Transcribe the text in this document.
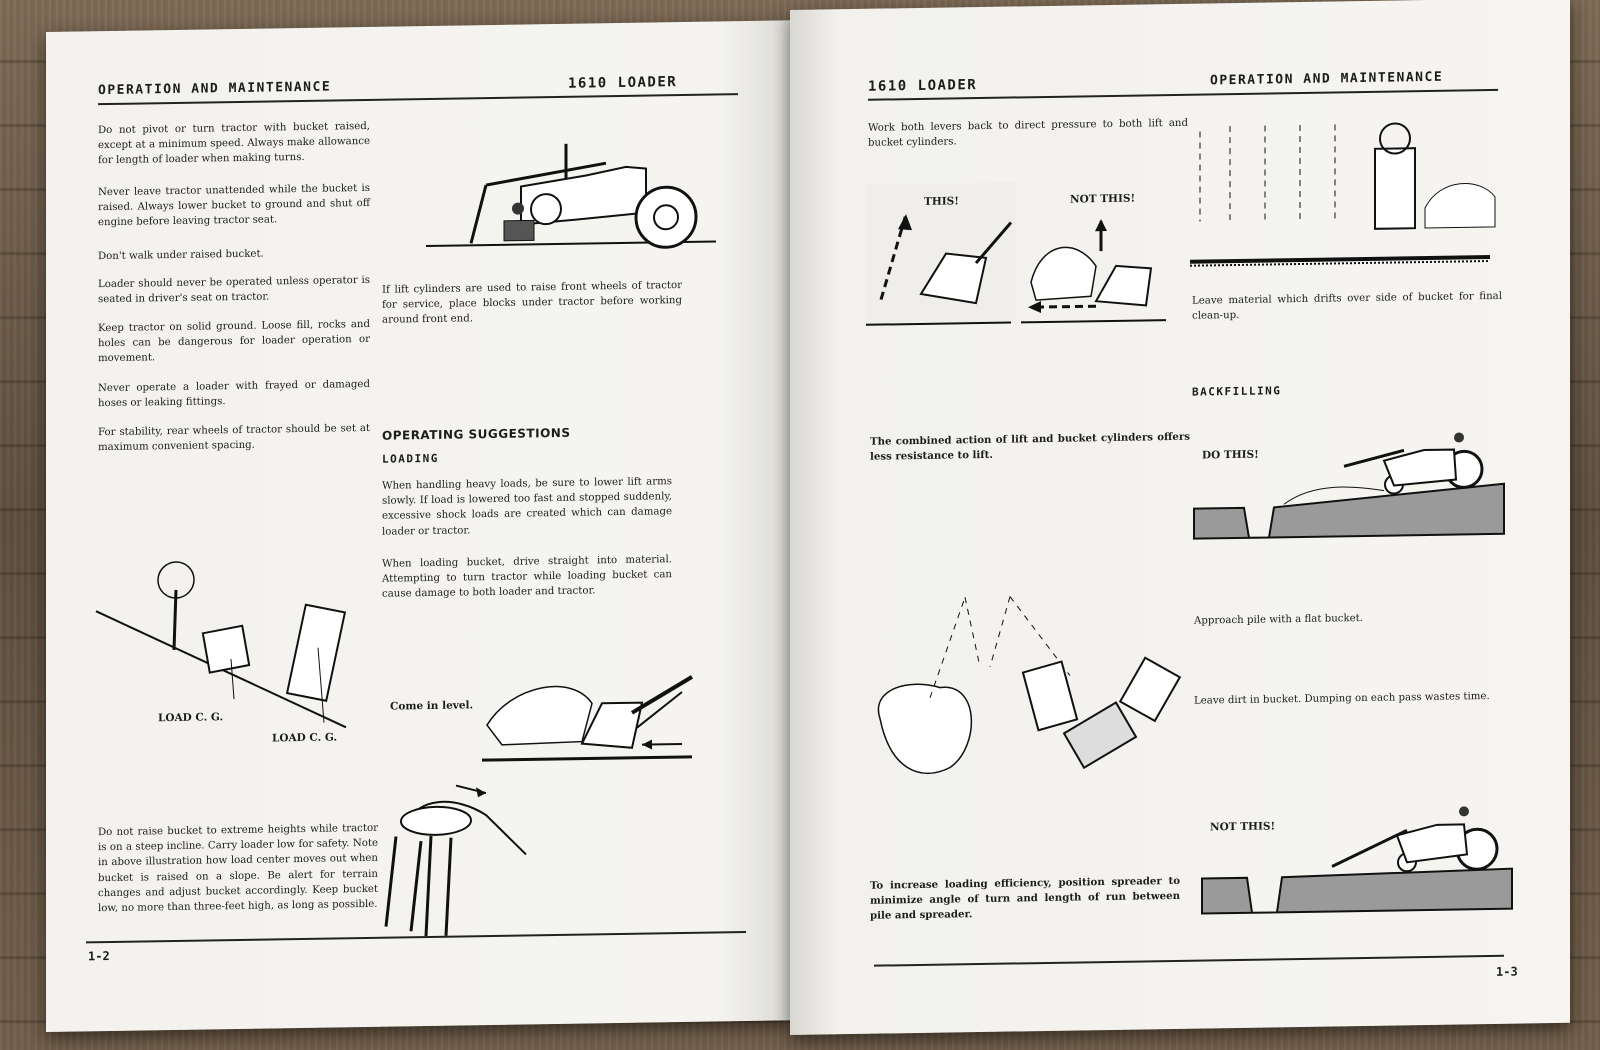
OPERATION AND MAINTENANCE	1610 LOADER
Do not pivot or turn tractor with bucket raised, except at a minimum speed. Always make allowance for length of loader when making turns.
Never leave tractor unattended while the bucket is raised. Always lower bucket to ground and shut off engine before leaving tractor seat.
Don't walk under raised bucket.
Loader should never be operated unless operator is seated in driver's seat on tractor.
Keep tractor on solid ground. Loose fill, rocks and holes can be dangerous for loader operation or movement.
Never operate a loader with frayed or damaged hoses or leaking fittings.
For stability, rear wheels of tractor should be set at maximum convenient spacing.
If lift cylinders are used to raise front wheels of tractor for service, place blocks under tractor before working around front end.
OPERATING SUGGESTIONS
LOADING
When handling heavy loads, be sure to lower lift arms slowly. If load is lowered too fast and stopped suddenly, excessive shock loads are created which can damage loader or tractor.
When loading bucket, drive straight into material. Attempting to turn tractor while loading bucket can cause damage to both loader and tractor.
LOAD C. G.
LOAD C. G.
Come in level.
Do not raise bucket to extreme heights while tractor is on a steep incline. Carry loader low for safety. Note in above illustration how load center moves out when bucket is raised on a slope. Be alert for terrain changes and adjust bucket accordingly. Keep bucket low, no more than three-feet high, as long as possible.
1-2
1610 LOADER	OPERATION AND MAINTENANCE
Work both levers back to direct pressure to both lift and bucket cylinders.
THIS!	NOT THIS!
The combined action of lift and bucket cylinders offers less resistance to lift.
To increase loading efficiency, position spreader to minimize angle of turn and length of run between pile and spreader.
Leave material which drifts over side of bucket for final clean-up.
BACKFILLING
DO THIS!
Approach pile with a flat bucket.
Leave dirt in bucket. Dumping on each pass wastes time.
NOT THIS!
1-3
